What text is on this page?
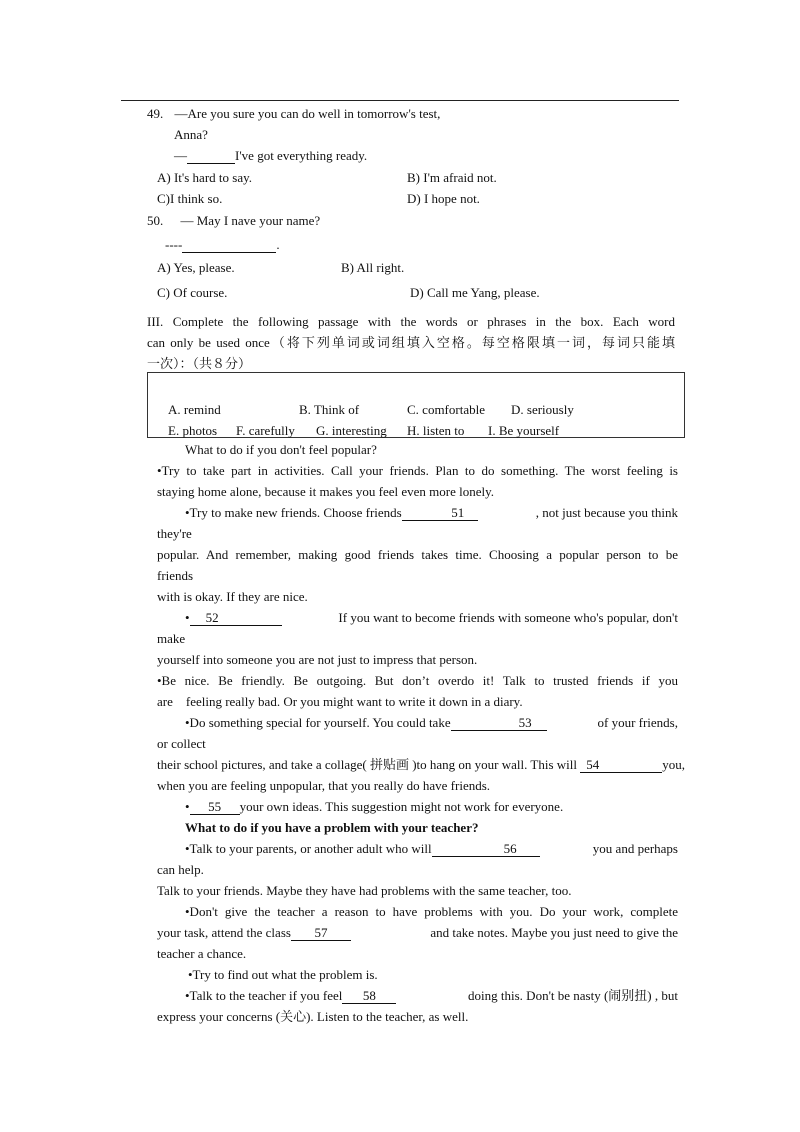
49. —Are you sure you can do well in tomorrow's test,
Anna?
—	I've got everything ready.
A) It's hard to say.	B) I'm afraid not.
C)I think so.	D) I hope not.
50. — May I nave your name?
----	.
A) Yes, please.	B) All right.
C) Of course.	D) Call me Yang, please.
III. Complete the following passage with the words or phrases in the box. Each word
can only be used once（将下列单词或词组填入空格。每空格限填一词，每词只能填
一次）：（共８分）
A. remind	B. Think of	C. comfortable D. seriously
E. photos F. carefully G. interesting H. listen to I. Be yourself
What to do if you don't feel popular?
•Try to take part in activities. Call your friends. Plan to do something. The worst feeling is
staying home alone, because it makes you feel even more lonely.
•Try to make new friends. Choose friends	51	, not just because you think
they're
popular. And remember, making good friends takes time. Choosing a popular person to be
friends
with is okay. If they are nice.
• 52	If you want to become friends with someone who's popular, don't
make
yourself into someone you are not just to impress that person.
•Be nice. Be friendly. Be outgoing. But don’t overdo it! Talk to trusted friends if you
are    feeling really bad. Or you might want to write it down in a diary.
•Do something special for yourself. You could take	53	of your friends,
or collect
their school pictures, and take a collage( 拼贴画 )to hang on your wall. This will 54	you,
when you are feeling unpopular, that you really do have friends.
• 55 your own ideas. This suggestion might not work for everyone.
What to do if you have a problem with your teacher?
•Talk to your parents, or another adult who will	56	you and perhaps
can help.
Talk to your friends. Maybe they have had problems with the same teacher, too.
•Don't give the teacher a reason to have problems with you. Do your work, complete
your task, attend the class 57	and take notes. Maybe you just need to give the
teacher a chance.
•Try to find out what the problem is.
•Talk to the teacher if you feel 58	doing this. Don't be nasty (闹别扭) , but
express your concerns (关心). Listen to the teacher, as well.
